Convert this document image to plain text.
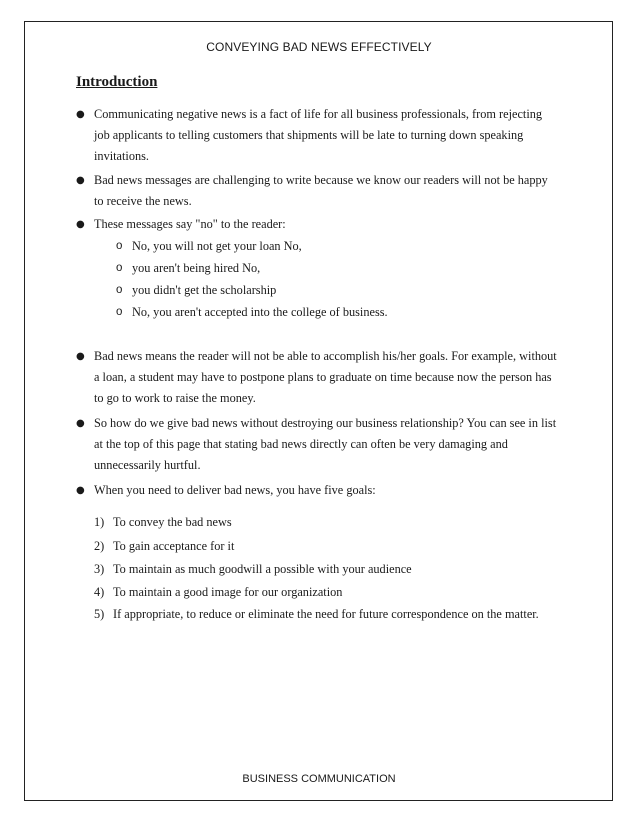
CONVEYING BAD NEWS EFFECTIVELY
Introduction
● Communicating negative news is a fact of life for all business professionals, from rejecting job applicants to telling customers that shipments will be late to turning down speaking invitations.
● Bad news messages are challenging to write because we know our readers will not be happy to receive the news.
● These messages say "no" to the reader:
o No, you will not get your loan No,
o you aren't being hired No,
o you didn't get the scholarship
o No, you aren't accepted into the college of business.
● Bad news means the reader will not be able to accomplish his/her goals. For example, without a loan, a student may have to postpone plans to graduate on time because now the person has to go to work to raise the money.
● So how do we give bad news without destroying our business relationship? You can see in list at the top of this page that stating bad news directly can often be very damaging and unnecessarily hurtful.
● When you need to deliver bad news, you have five goals:
1) To convey the bad news
2) To gain acceptance for it
3) To maintain as much goodwill a possible with your audience
4) To maintain a good image for our organization
5) If appropriate, to reduce or eliminate the need for future correspondence on the matter.
BUSINESS COMMUNICATION
